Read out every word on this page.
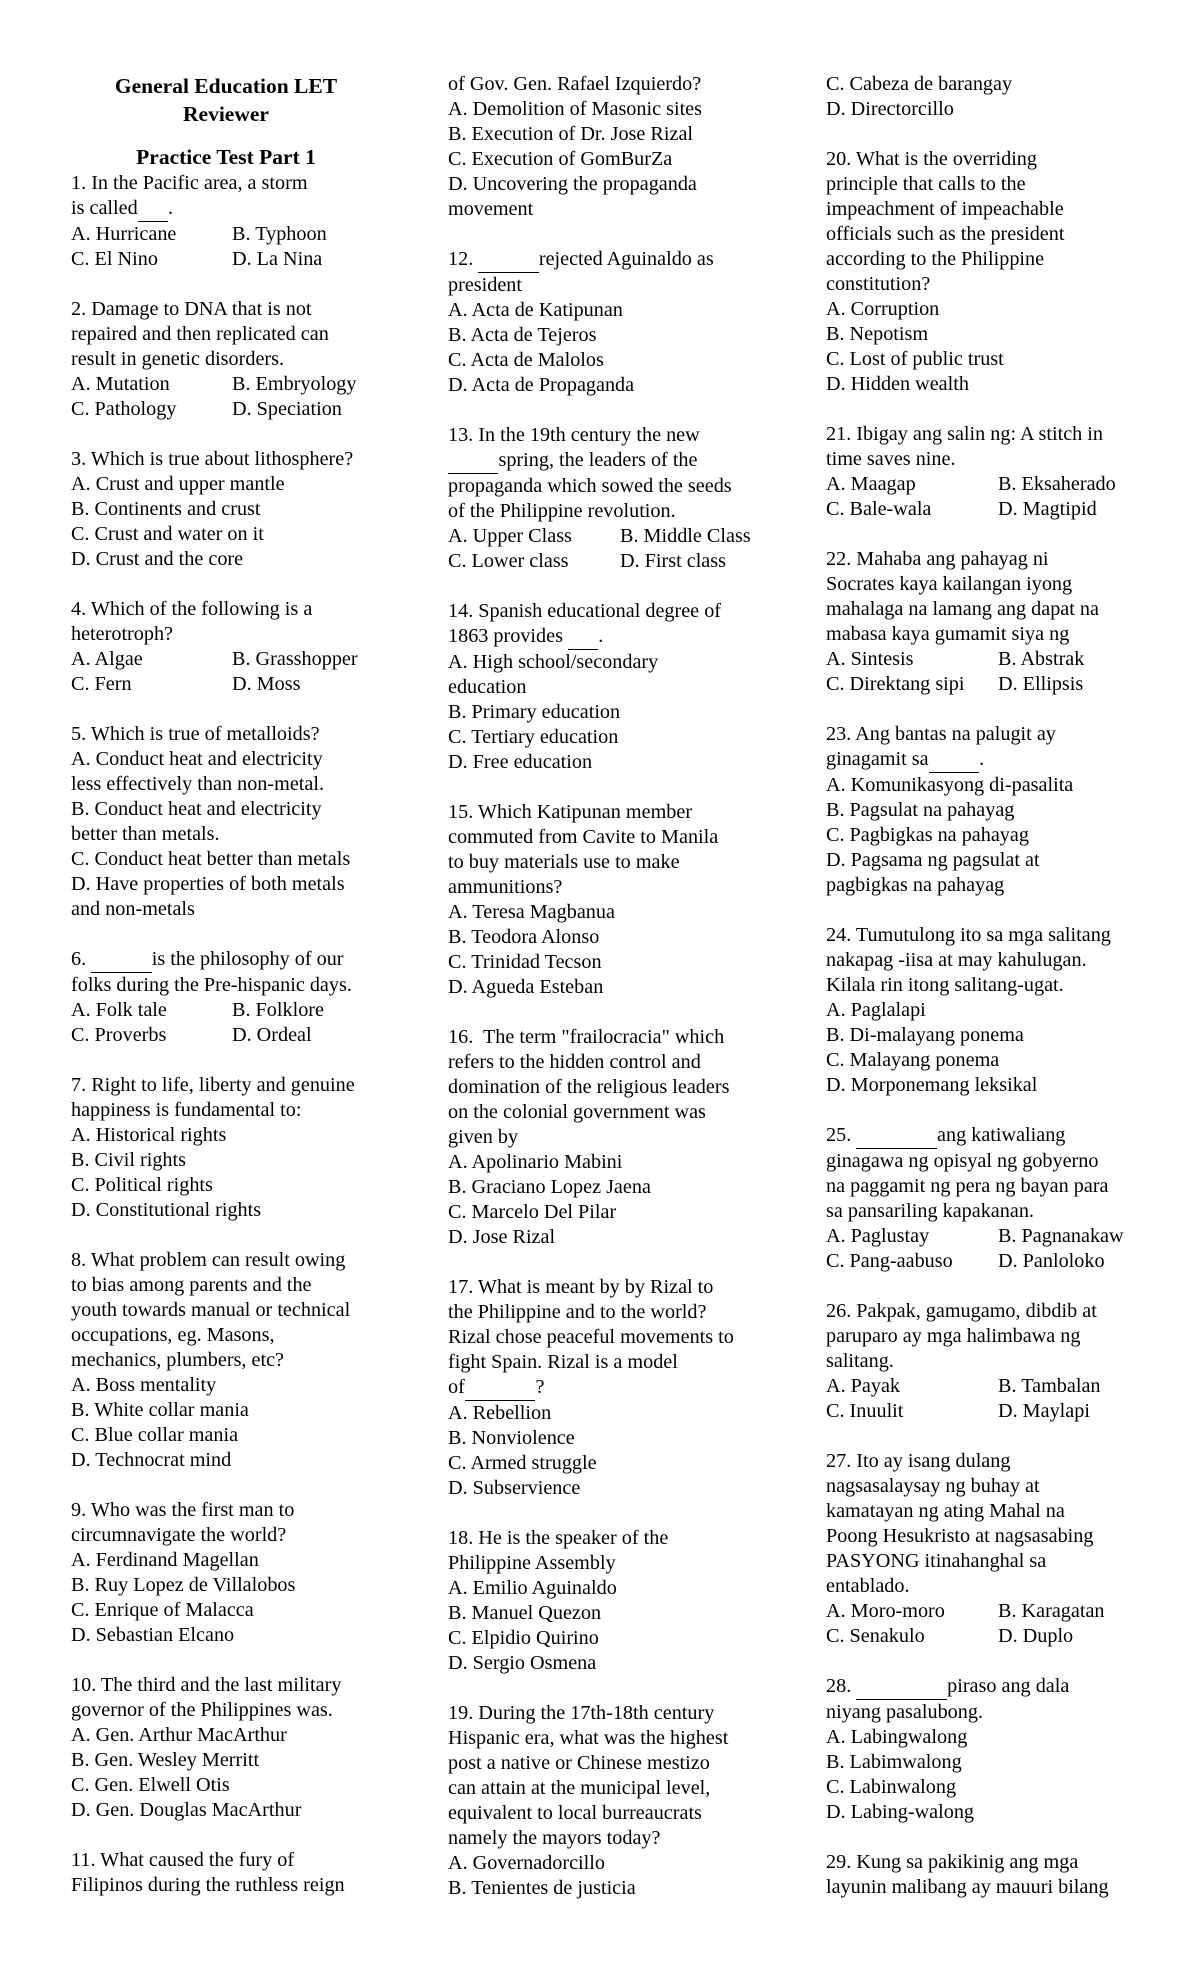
General Education LET
Reviewer
Practice Test Part 1
1. In the Pacific area, a storm
is called    .
A. Hurricane	B. Typhoon
C. El Nino	D. La Nina
2. Damage to DNA that is not
repaired and then replicated can
result in genetic disorders.
A. Mutation	B. Embryology
C. Pathology	D. Speciation
3. Which is true about lithosphere?
A. Crust and upper mantle
B. Continents and crust
C. Crust and water on it
D. Crust and the core
4. Which of the following is a
heterotroph?
A. Algae	B. Grasshopper
C. Fern	D. Moss
5. Which is true of metalloids?
A. Conduct heat and electricity
less effectively than non-metal.
B. Conduct heat and electricity
better than metals.
C. Conduct heat better than metals
D. Have properties of both metals
and non-metals
6.       	is the philosophy of our
folks during the Pre-hispanic days.
A. Folk tale	B. Folklore
C. Proverbs	D. Ordeal
7. Right to life, liberty and genuine
happiness is fundamental to:
A. Historical rights
B. Civil rights
C. Political rights
D. Constitutional rights
8. What problem can result owing
to bias among parents and the
youth towards manual or technical
occupations, eg. Masons,
mechanics, plumbers, etc?
A. Boss mentality
B. White collar mania
C. Blue collar mania
D. Technocrat mind
9. Who was the first man to
circumnavigate the world?
A. Ferdinand Magellan
B. Ruy Lopez de Villalobos
C. Enrique of Malacca
D. Sebastian Elcano
10. The third and the last military
governor of the Philippines was.
A. Gen. Arthur MacArthur
B. Gen. Wesley Merritt
C. Gen. Elwell Otis
D. Gen. Douglas MacArthur
11. What caused the fury of
Filipinos during the ruthless reign
of Gov. Gen. Rafael Izquierdo?
A. Demolition of Masonic sites
B. Execution of Dr. Jose Rizal
C. Execution of GomBurZa
D. Uncovering the propaganda
movement
12.       	rejected Aguinaldo as
president
A. Acta de Katipunan
B. Acta de Tejeros
C. Acta de Malolos
D. Acta de Propaganda
13. In the 19th century the new
     spring, the leaders of the
propaganda which sowed the seeds
of the Philippine revolution.
A. Upper Class B. Middle Class
C. Lower class	D. First class
14. Spanish educational degree of
1863 provides    .
A. High school/secondary
education
B. Primary education
C. Tertiary education
D. Free education
15. Which Katipunan member
commuted from Cavite to Manila
to buy materials use to make
ammunitions?
A. Teresa Magbanua
B. Teodora Alonso
C. Trinidad Tecson
D. Agueda Esteban
16.  The term "frailocracia" which
refers to the hidden control and
domination of the religious leaders
on the colonial government was
given by
A. Apolinario Mabini
B. Graciano Lopez Jaena
C. Marcelo Del Pilar
D. Jose Rizal
17. What is meant by by Rizal to
the Philippine and to the world?
Rizal chose peaceful movements to
fight Spain. Rizal is a model
of       	?
A. Rebellion
B. Nonviolence
C. Armed struggle
D. Subservience
18. He is the speaker of the
Philippine Assembly
A. Emilio Aguinaldo
B. Manuel Quezon
C. Elpidio Quirino
D. Sergio Osmena
19. During the 17th-18th century
Hispanic era, what was the highest
post a native or Chinese mestizo
can attain at the municipal level,
equivalent to local burreaucrats
namely the mayors today?
A. Governadorcillo
B. Tenientes de justicia
C. Cabeza de barangay
D. Directorcillo
20. What is the overriding
principle that calls to the
impeachment of impeachable
officials such as the president
according to the Philippine
constitution?
A. Corruption
B. Nepotism
C. Lost of public trust
D. Hidden wealth
21. Ibigay ang salin ng: A stitch in
time saves nine.
A. Maagap	B. Eksaherado
C. Bale-wala	D. Magtipid
22. Mahaba ang pahayag ni
Socrates kaya kailangan iyong
mahalaga na lamang ang dapat na
mabasa kaya gumamit siya ng
A. Sintesis	B. Abstrak
C. Direktang sipi D. Ellipsis
23. Ang bantas na palugit ay
ginagamit sa      .
A. Komunikasyong di-pasalita
B. Pagsulat na pahayag
C. Pagbigkas na pahayag
D. Pagsama ng pagsulat at
pagbigkas na pahayag
24. Tumutulong ito sa mga salitang
nakapag -iisa at may kahulugan.
Kilala rin itong salitang-ugat.
A. Paglalapi
B. Di-malayang ponema
C. Malayang ponema
D. Morponemang leksikal
25.         	ang katiwaliang
ginagawa ng opisyal ng gobyerno
na paggamit ng pera ng bayan para
sa pansariling kapakanan.
A. Paglustay	B. Pagnanakaw
C. Pang-aabuso D. Panloloko
26. Pakpak, gamugamo, dibdib at
paruparo ay mga halimbawa ng
salitang.
A. Payak	B. Tambalan
C. Inuulit	D. Maylapi
27. Ito ay isang dulang
nagsasalaysay ng buhay at
kamatayan ng ating Mahal na
Poong Hesukristo at nagsasabing
PASYONG itinahanghal sa
entablado.
A. Moro-moro	B. Karagatan
C. Senakulo	D. Duplo
28.          	piraso ang dala
niyang pasalubong.
A. Labingwalong
B. Labimwalong
C. Labinwalong
D. Labing-walong
29. Kung sa pakikinig ang mga
layunin malibang ay mauuri bilang
